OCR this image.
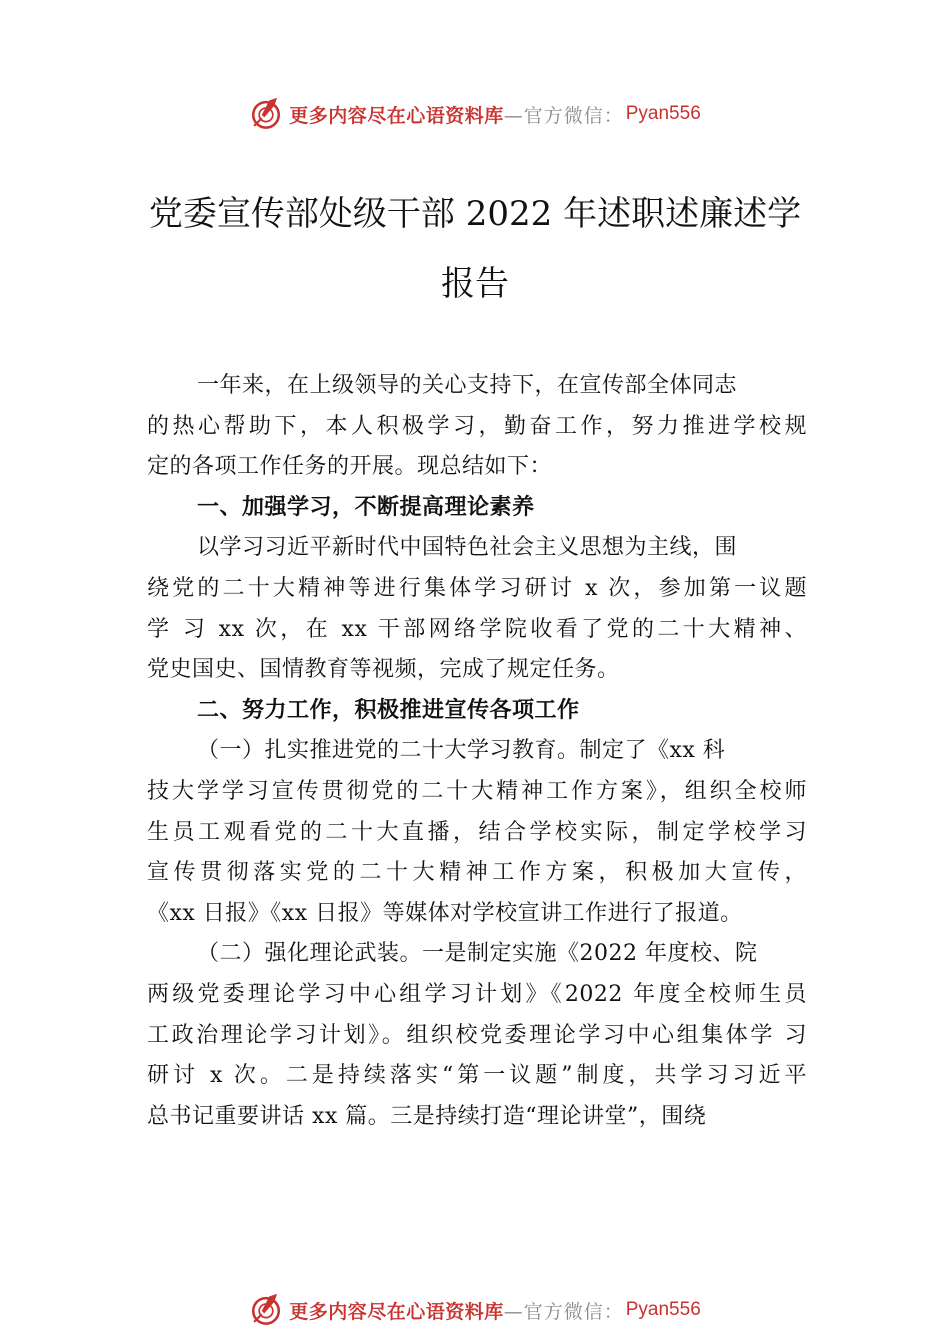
更多内容尽在心语资料库 —官方微信： Pyan556
党委宣传部处级干部 2022 年述职述廉述学
报告
一年来，在上级领导的关心支持下，在宣传部全体同志
的热心帮助下，本人积极学习，勤奋工作，努力推进学校规
定的各项工作任务的开展。现总结如下：
一、加强学习，不断提高理论素养
以学习习近平新时代中国特色社会主义思想为主线，围
绕党的二十大精神等进行集体学习研讨 x 次，参加第一议题
学 习 xx 次，在 xx 干部网络学院收看了党的二十大精神、
党史国史、国情教育等视频，完成了规定任务。
二、努力工作，积极推进宣传各项工作
（一）扎实推进党的二十大学习教育。制定了《xx 科
技大学学习宣传贯彻党的二十大精神工作方案》，组织全校师
生员工观看党的二十大直播，结合学校实际，制定学校学习
宣传贯彻落实党的二十大精神工作方案，积极加大宣传，
《xx 日报》《xx 日报》等媒体对学校宣讲工作进行了报道。
（二）强化理论武装。一是制定实施《2022 年度校、院
两级党委理论学习中心组学习计划》《2022 年度全校师生员
工政治理论学习计划》。组织校党委理论学习中心组集体学 习
研讨 x 次。二是持续落实“第一议题”制度，共学习习近平
总书记重要讲话 xx 篇。三是持续打造“理论讲堂”，围绕
更多内容尽在心语资料库 —官方微信： Pyan556
